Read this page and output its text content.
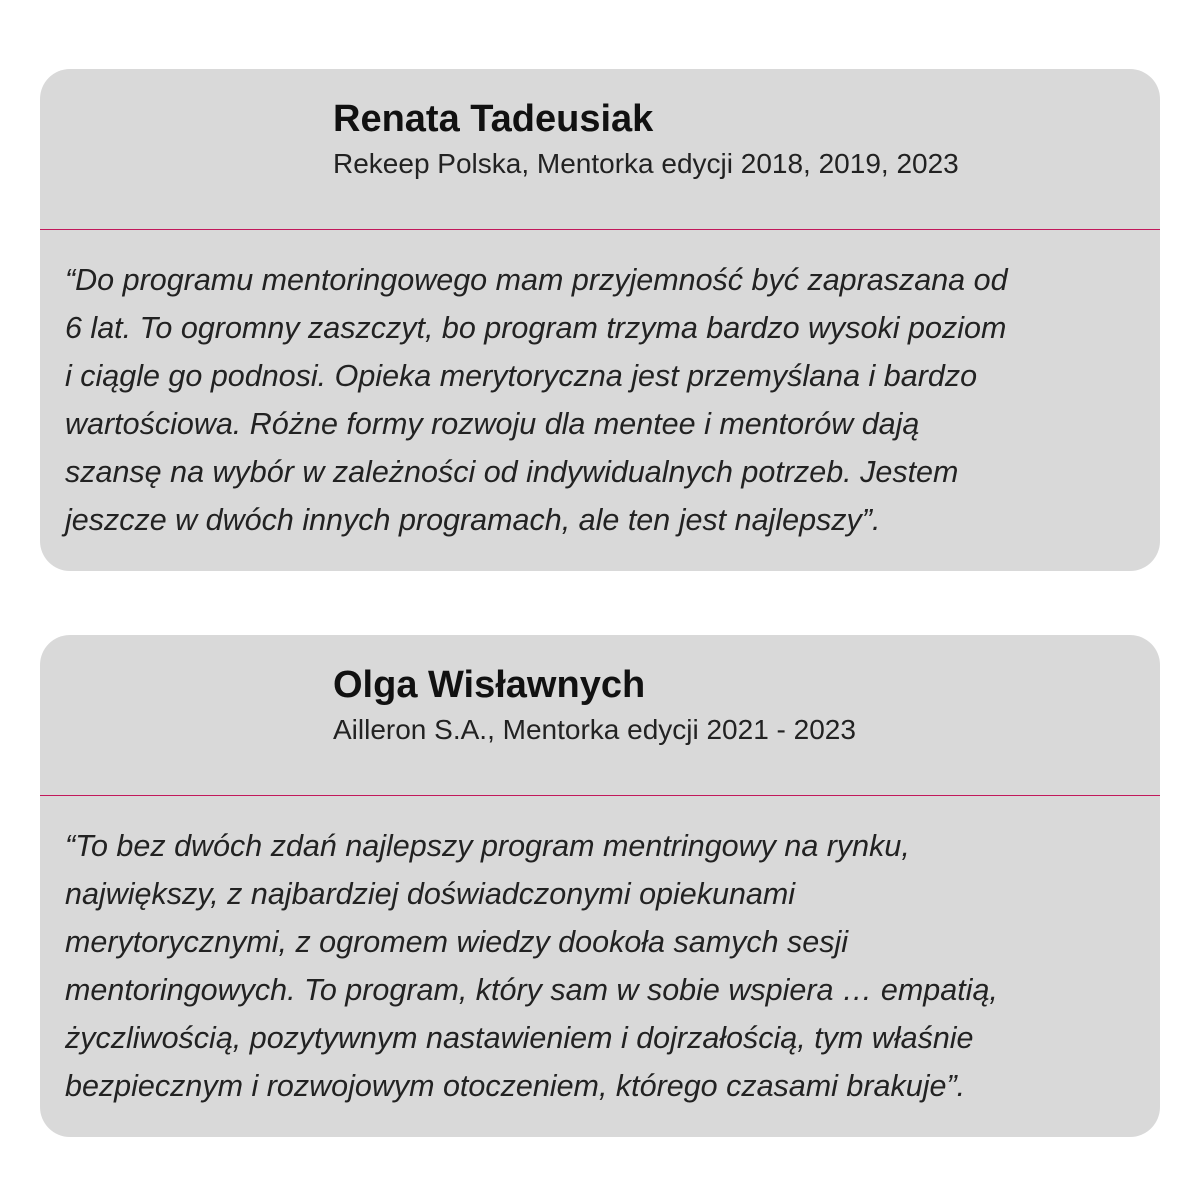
Renata Tadeusiak
Rekeep Polska, Mentorka edycji 2018, 2019, 2023

“Do programu mentoringowego mam przyjemność być zapraszana od
6 lat. To ogromny zaszczyt, bo program trzyma bardzo wysoki poziom
i ciągle go podnosi. Opieka merytoryczna jest przemyślana i bardzo
wartościowa. Różne formy rozwoju dla mentee i mentorów dają
szansę na wybór w zależności od indywidualnych potrzeb. Jestem
jeszcze w dwóch innych programach, ale ten jest najlepszy”.

Olga Wisławnych
Ailleron S.A., Mentorka edycji 2021 - 2023

“To bez dwóch zdań najlepszy program mentringowy na rynku,
największy, z najbardziej doświadczonymi opiekunami
merytorycznymi, z ogromem wiedzy dookoła samych sesji
mentoringowych. To program, który sam w sobie wspiera … empatią,
życzliwością, pozytywnym nastawieniem i dojrzałością, tym właśnie
bezpiecznym i rozwojowym otoczeniem, którego czasami brakuje”.
